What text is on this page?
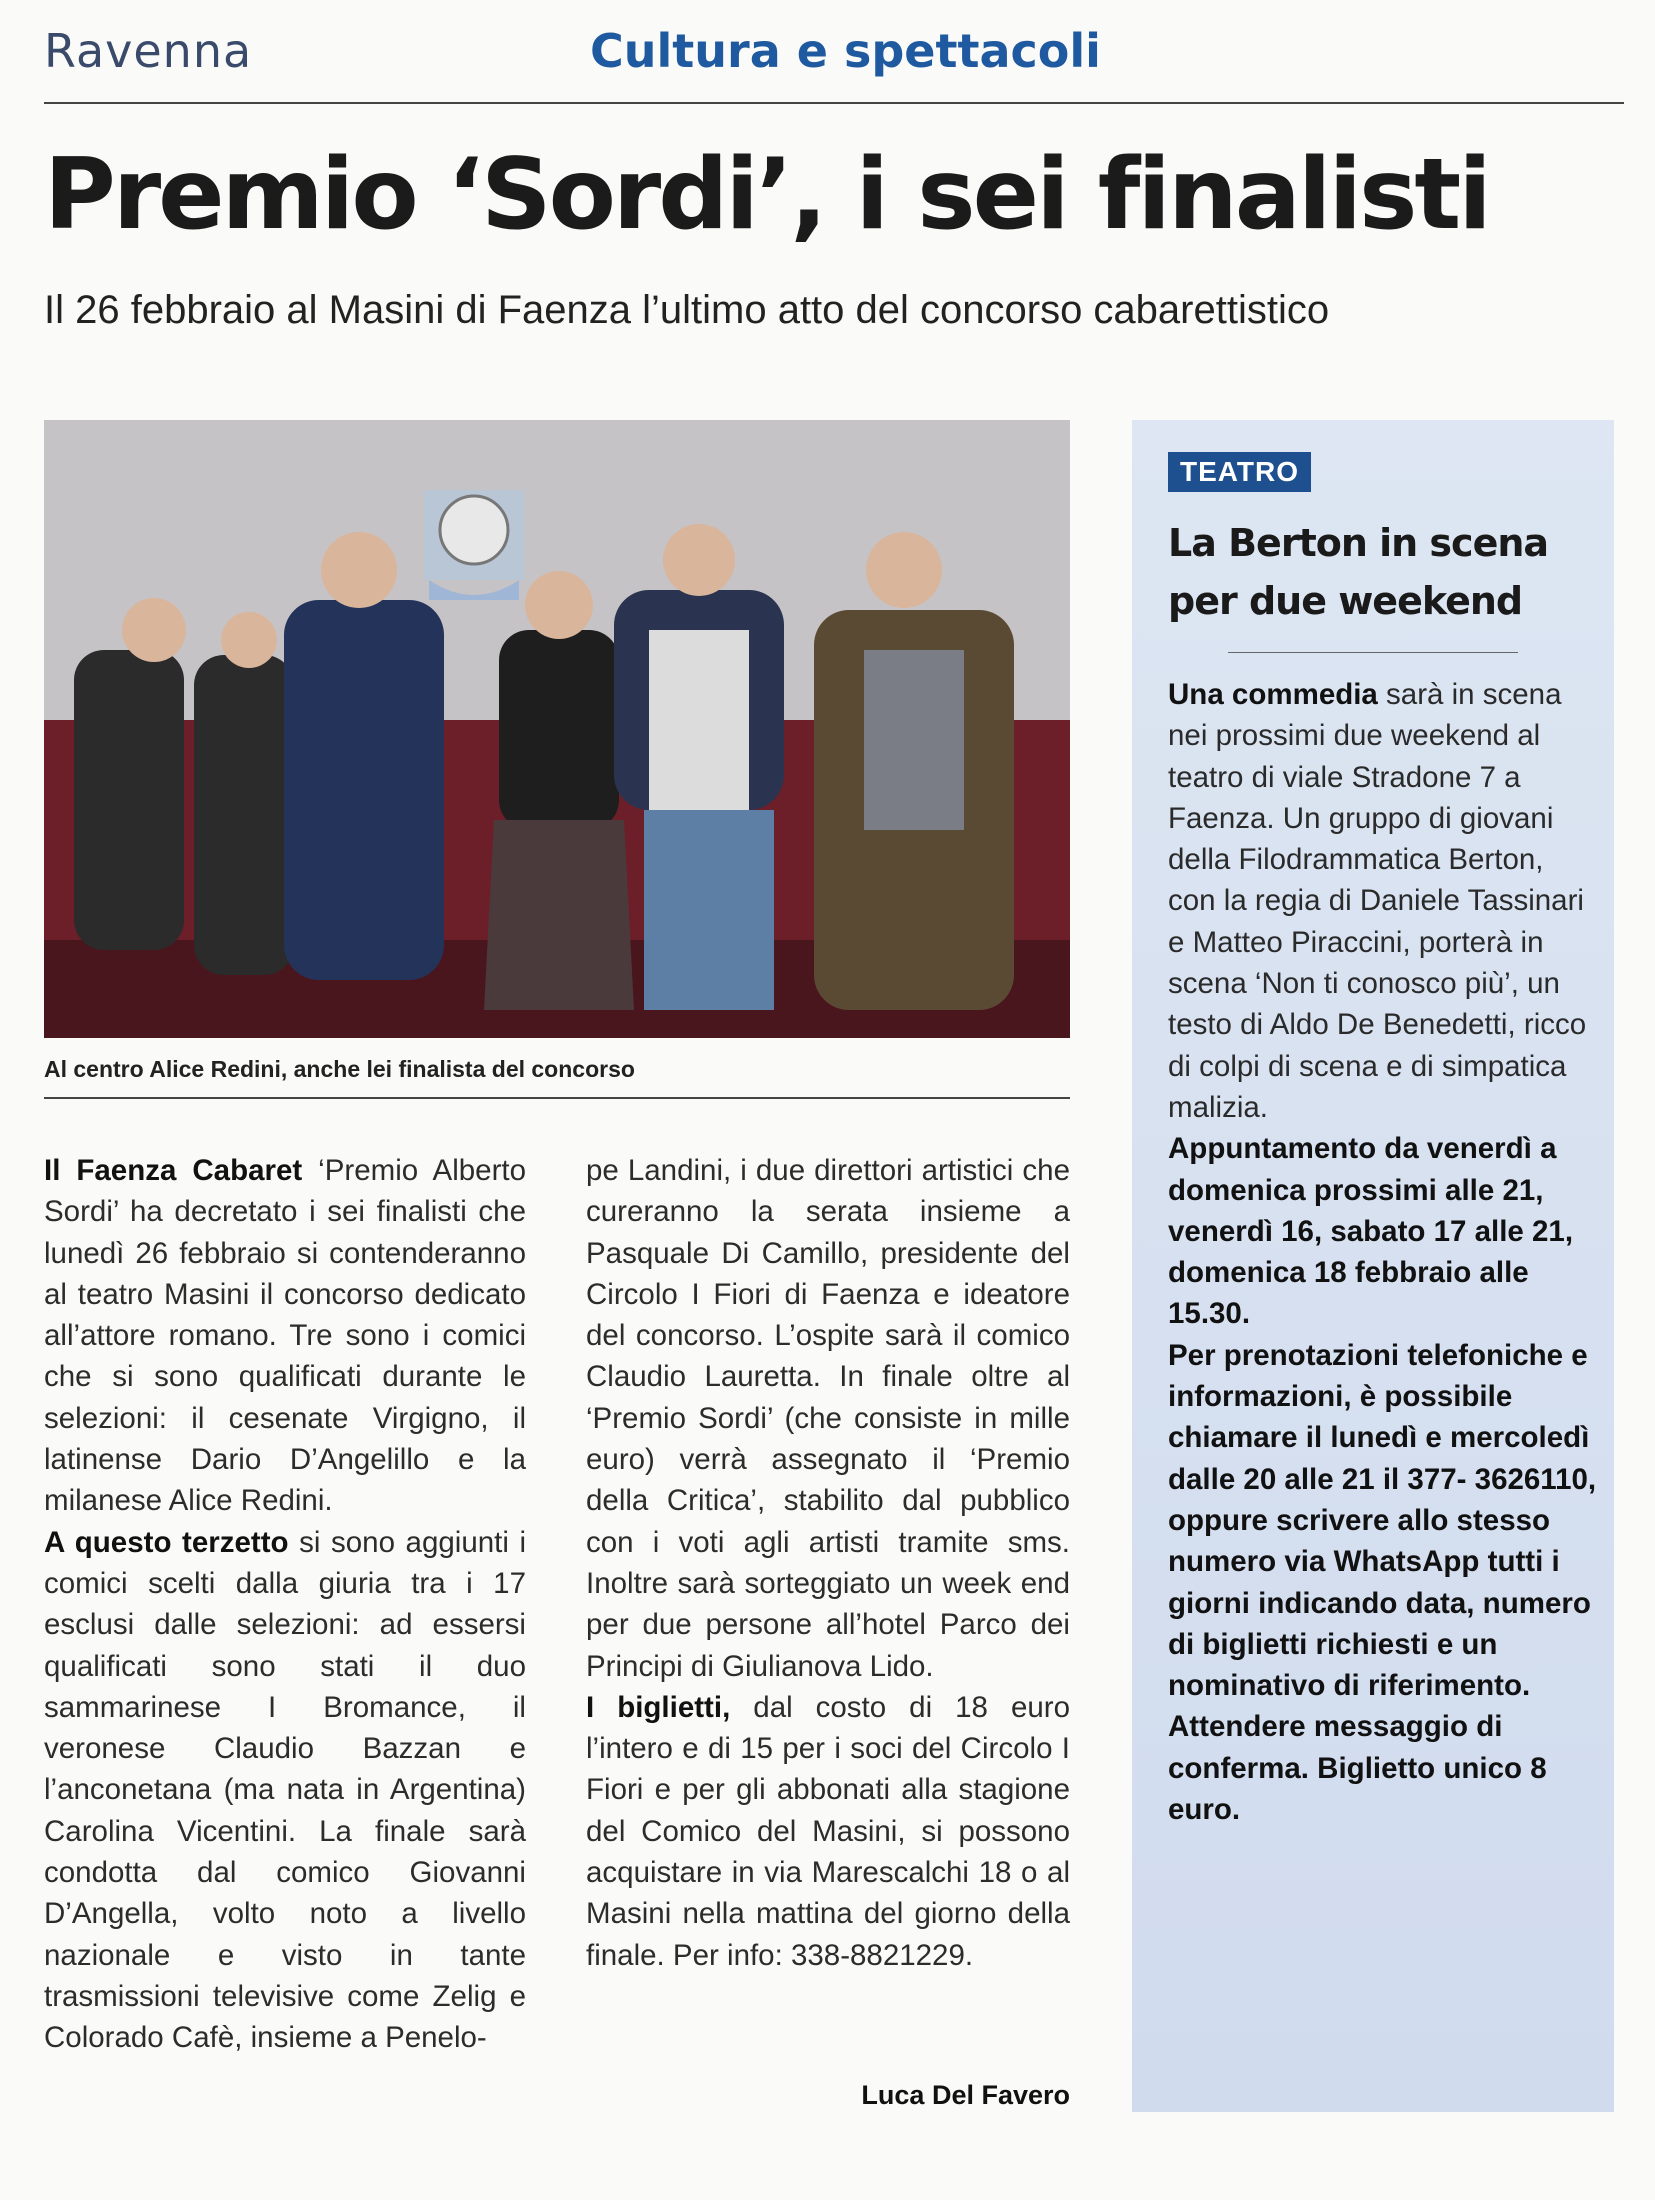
Ravenna	Cultura e spettacoli
Premio ‘Sordi’, i sei finalisti
Il 26 febbraio al Masini di Faenza l’ultimo atto del concorso cabarettistico
Al centro Alice Redini, anche lei finalista del concorso

Il Faenza Cabaret ‘Premio Alberto Sordi’ ha decretato i sei finalisti che lunedì 26 febbraio si contenderanno al teatro Masini il concorso dedicato all’attore romano. Tre sono i comici che si sono qualificati durante le selezioni: il cesenate Virgigno, il latinense Dario D’Angelillo e la milanese Alice Redini.

A questo terzetto si sono aggiunti i comici scelti dalla giuria tra i 17 esclusi dalle selezioni: ad essersi qualificati sono stati il duo sammarinese I Bromance, il veronese Claudio Bazzan e l’anconetana (ma nata in Argentina) Carolina Vicentini. La finale sarà condotta dal comico Giovanni D’Angella, volto noto a livello nazionale e visto in tante trasmissioni televisive come Zelig e Colorado Cafè, insieme a Penelo-

pe Landini, i due direttori artistici che cureranno la serata insieme a Pasquale Di Camillo, presidente del Circolo I Fiori di Faenza e ideatore del concorso. L’ospite sarà il comico Claudio Lauretta. In finale oltre al ‘Premio Sordi’ (che consiste in mille euro) verrà assegnato il ‘Premio della Critica’, stabilito dal pubblico con i voti agli artisti tramite sms. Inoltre sarà sorteggiato un week end per due persone all’hotel Parco dei Principi di Giulianova Lido.

I biglietti, dal costo di 18 euro l’intero e di 15 per i soci del Circolo I Fiori e per gli abbonati alla stagione del Comico del Masini, si possono acquistare in via Marescalchi 18 o al Masini nella mattina del giorno della finale. Per info: 338-8821229.

Luca Del Favero
TEATRO
La Berton in scena per due weekend

Una commedia sarà in scena nei prossimi due weekend al teatro di viale Stradone 7 a Faenza. Un gruppo di giovani della Filodrammatica Berton, con la regia di Daniele Tassinari e Matteo Piraccini, porterà in scena ‘Non ti conosco più’, un testo di Aldo De Benedetti, ricco di colpi di scena e di simpatica malizia.

Appuntamento da venerdì a domenica prossimi alle 21, venerdì 16, sabato 17 alle 21, domenica 18 febbraio alle 15.30.

Per prenotazioni telefoniche e informazioni, è possibile chiamare il lunedì e mercoledì dalle 20 alle 21 il 377- 3626110, oppure scrivere allo stesso numero via WhatsApp tutti i giorni indicando data, numero di biglietti richiesti e un nominativo di riferimento. Attendere messaggio di conferma. Biglietto unico 8 euro.
